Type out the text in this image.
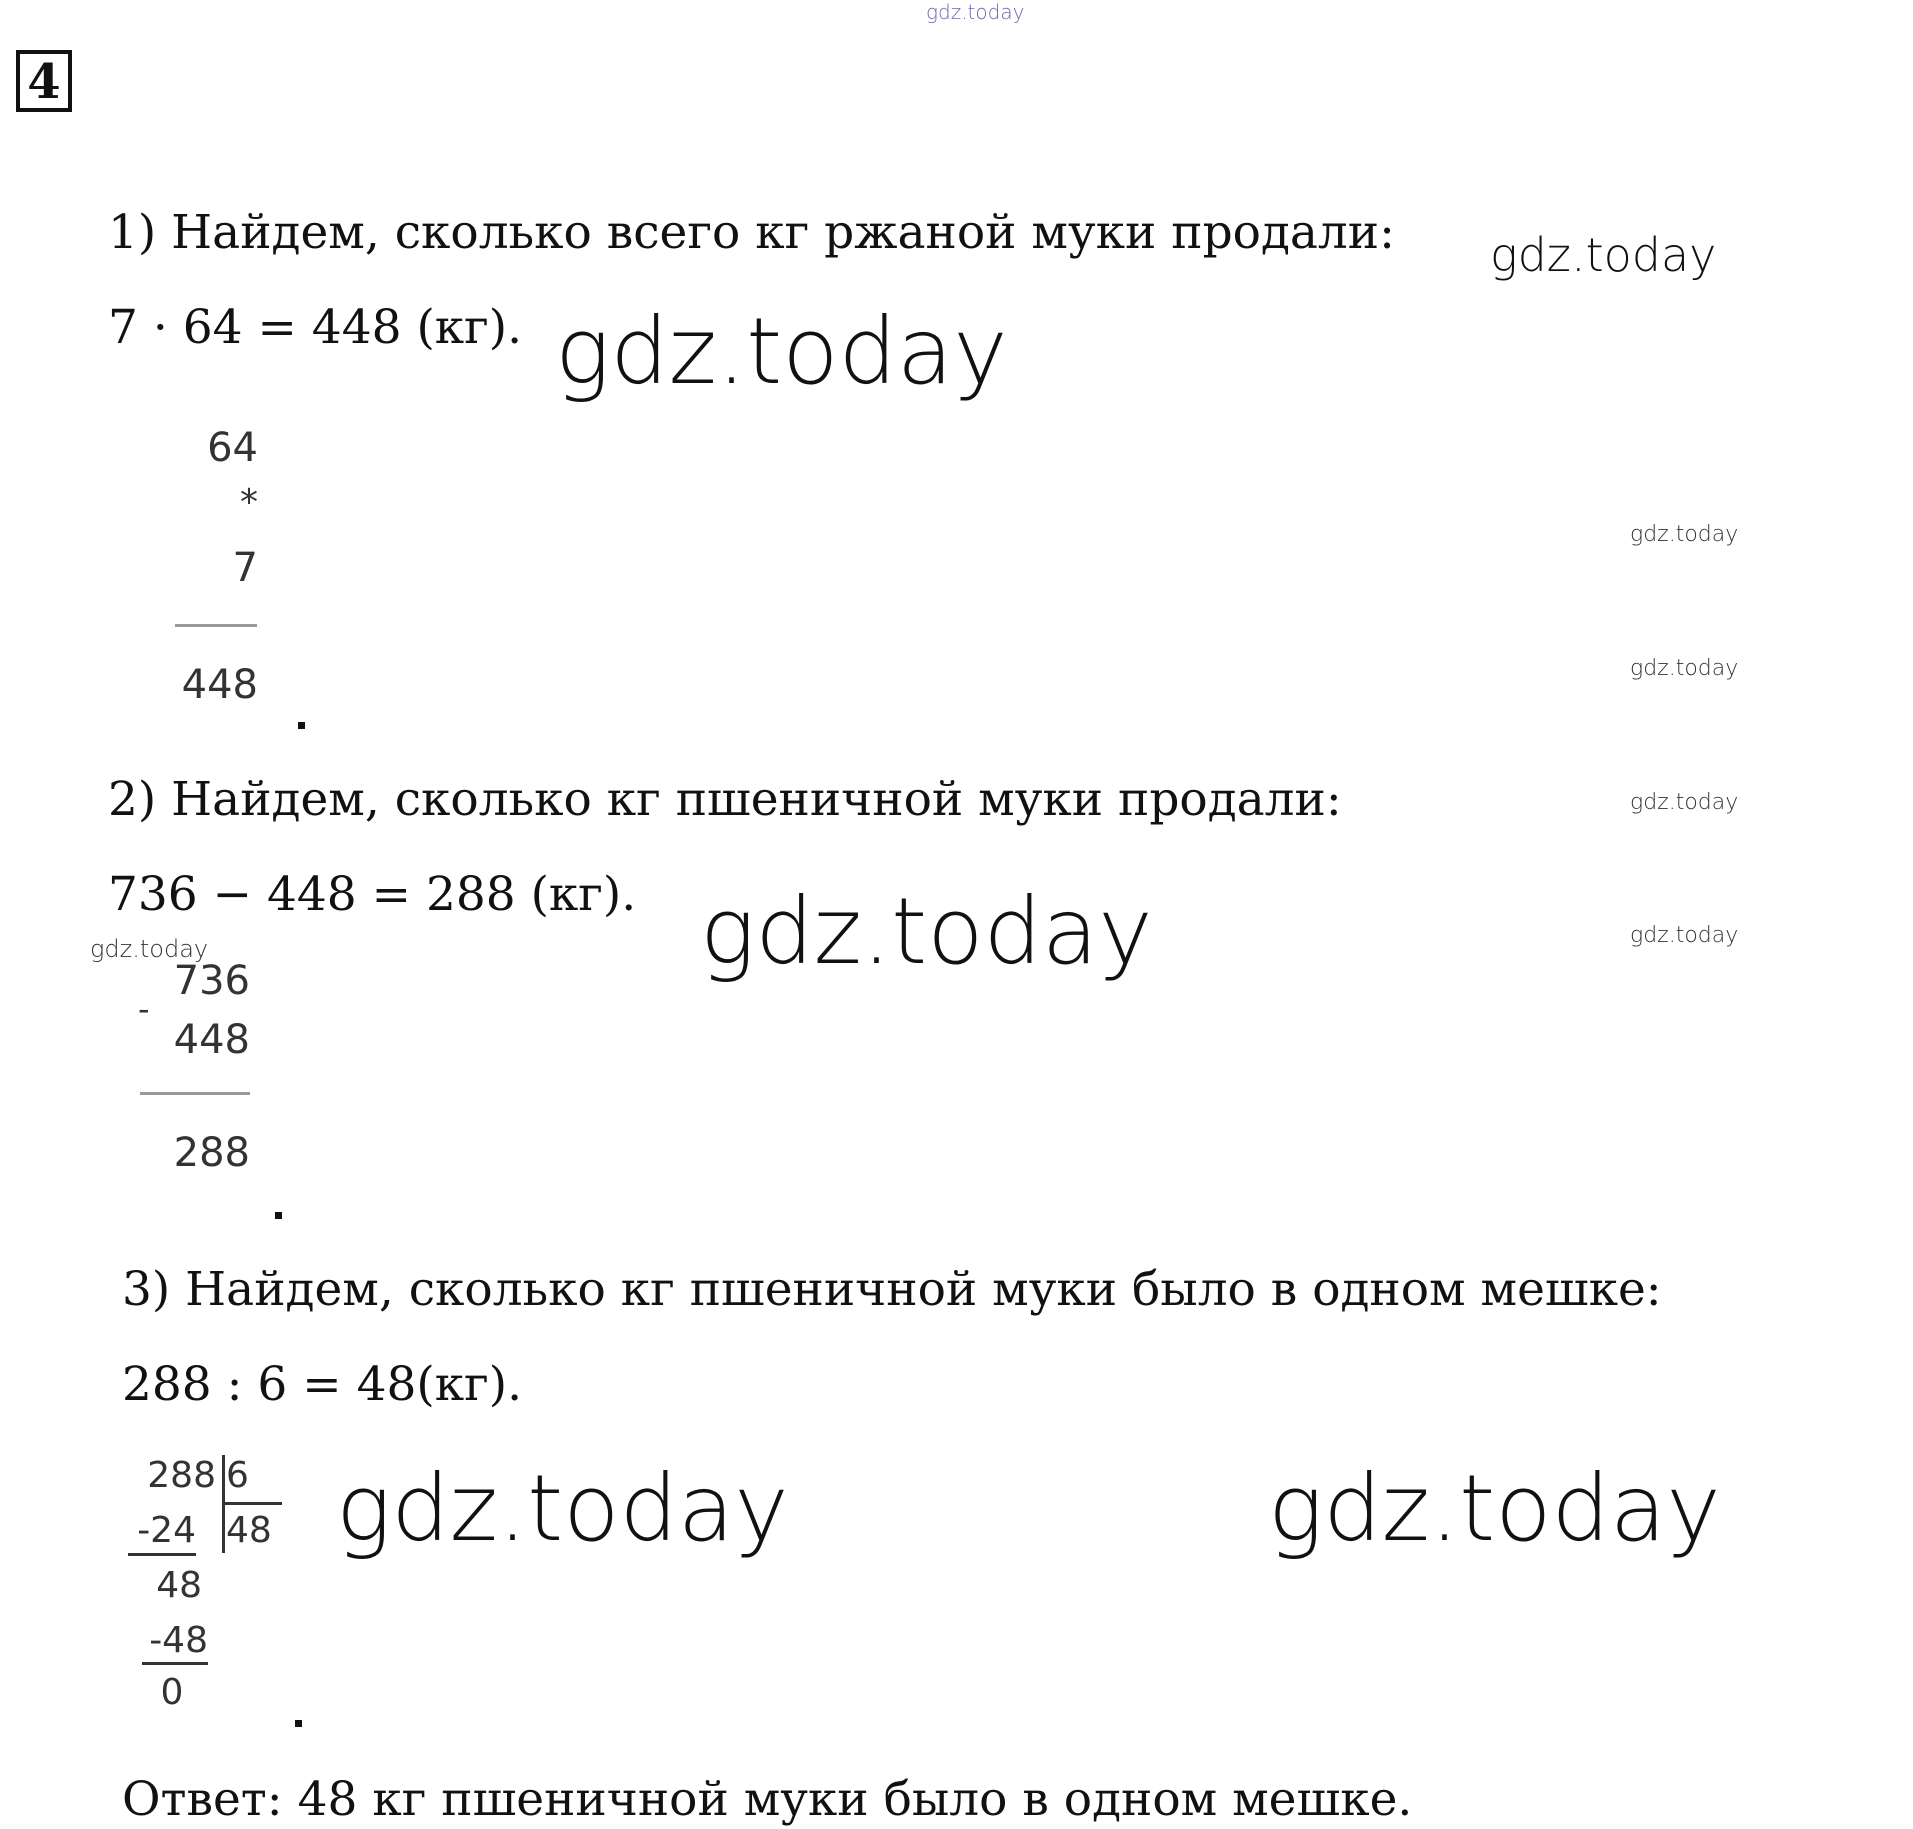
gdz.today
4
1) Найдем, сколько всего кг ржаной муки продали: gdz.today
7 · 64 = 448 (кг). gdz.today
64
*
7
448
gdz.today
gdz.today
gdz.today
gdz.today
2) Найдем, сколько кг пшеничной муки продали:
736 − 448 = 288 (кг). gdz.today
gdz.today
-
736
448
288
3) Найдем, сколько кг пшеничной муки было в одном мешке:
288 : 6 = 48(кг).
288 6
48
-24
48
-48
0
gdz.today	gdz.today
Ответ: 48 кг пшеничной муки было в одном мешке.
